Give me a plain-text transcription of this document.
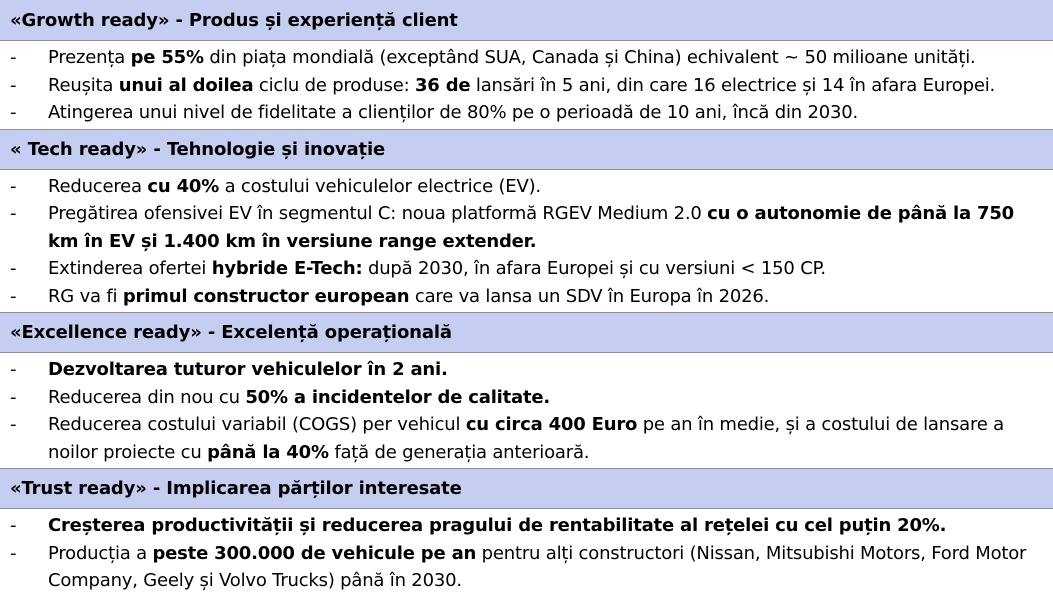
«Growth ready» - Produs și experiență client
-	Prezența pe 55% din piața mondială (exceptând SUA, Canada și China) echivalent ~ 50 milioane unități.
-	Reușita unui al doilea ciclu de produse: 36 de lansări în 5 ani, din care 16 electrice și 14 în afara Europei.
-	Atingerea unui nivel de fidelitate a clienților de 80% pe o perioadă de 10 ani, încă din 2030.
« Tech ready» - Tehnologie și inovație
-	Reducerea cu 40% a costului vehiculelor electrice (EV).
-	Pregătirea ofensivei EV în segmentul C: noua platformă RGEV Medium 2.0 cu o autonomie de până la 750 km în EV și 1.400 km în versiune range extender.
-	Extinderea ofertei hybride E-Tech: după 2030, în afara Europei și cu versiuni < 150 CP.
-	RG va fi primul constructor european care va lansa un SDV în Europa în 2026.
«Excellence ready» - Excelență operațională
-	Dezvoltarea tuturor vehiculelor în 2 ani.
-	Reducerea din nou cu 50% a incidentelor de calitate.
-	Reducerea costului variabil (COGS) per vehicul cu circa 400 Euro pe an în medie, și a costului de lansare a noilor proiecte cu până la 40% față de generația anterioară.
«Trust ready» - Implicarea părților interesate
-	Creșterea productivității și reducerea pragului de rentabilitate al rețelei cu cel puțin 20%.
-	Producția a peste 300.000 de vehicule pe an pentru alți constructori (Nissan, Mitsubishi Motors, Ford Motor Company, Geely și Volvo Trucks) până în 2030.
